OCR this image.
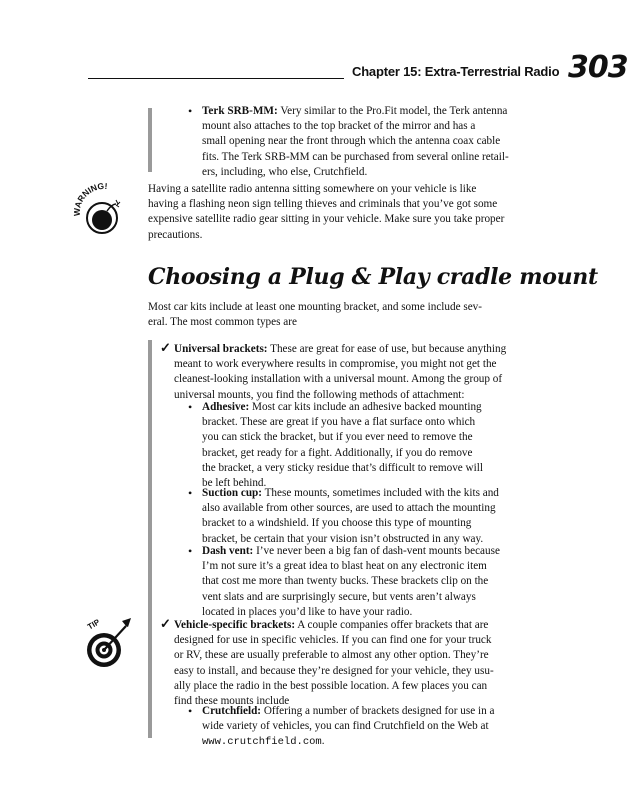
Chapter 15: Extra-Terrestrial Radio 303
• Terk SRB-MM: Very similar to the Pro.Fit model, the Terk antenna
mount also attaches to the top bracket of the mirror and has a
small opening near the front through which the antenna coax cable
fits. The Terk SRB-MM can be purchased from several online retail-
ers, including, who else, Crutchfield.
WARNING!	Having a satellite radio antenna sitting somewhere on your vehicle is like
having a flashing neon sign telling thieves and criminals that you’ve got some
expensive satellite radio gear sitting in your vehicle. Make sure you take proper
precautions.
Choosing a Plug & Play cradle mount
Most car kits include at least one mounting bracket, and some include sev-
eral. The most common types are
✓ Universal brackets: These are great for ease of use, but because anything
meant to work everywhere results in compromise, you might not get the
cleanest-looking installation with a universal mount. Among the group of
universal mounts, you find the following methods of attachment:
• Adhesive: Most car kits include an adhesive backed mounting
bracket. These are great if you have a flat surface onto which
you can stick the bracket, but if you ever need to remove the
bracket, get ready for a fight. Additionally, if you do remove
the bracket, a very sticky residue that’s difficult to remove will
be left behind.
• Suction cup: These mounts, sometimes included with the kits and
also available from other sources, are used to attach the mounting
bracket to a windshield. If you choose this type of mounting
bracket, be certain that your vision isn’t obstructed in any way.
• Dash vent: I’ve never been a big fan of dash-vent mounts because
I’m not sure it’s a great idea to blast heat on any electronic item
that cost me more than twenty bucks. These brackets clip on the
vent slats and are surprisingly secure, but vents aren’t always
located in places you’d like to have your radio.
TIP	✓ Vehicle-specific brackets: A couple companies offer brackets that are
designed for use in specific vehicles. If you can find one for your truck
or RV, these are usually preferable to almost any other option. They’re
easy to install, and because they’re designed for your vehicle, they usu-
ally place the radio in the best possible location. A few places you can
find these mounts include
• Crutchfield: Offering a number of brackets designed for use in a
wide variety of vehicles, you can find Crutchfield on the Web at
www.crutchfield.com.
